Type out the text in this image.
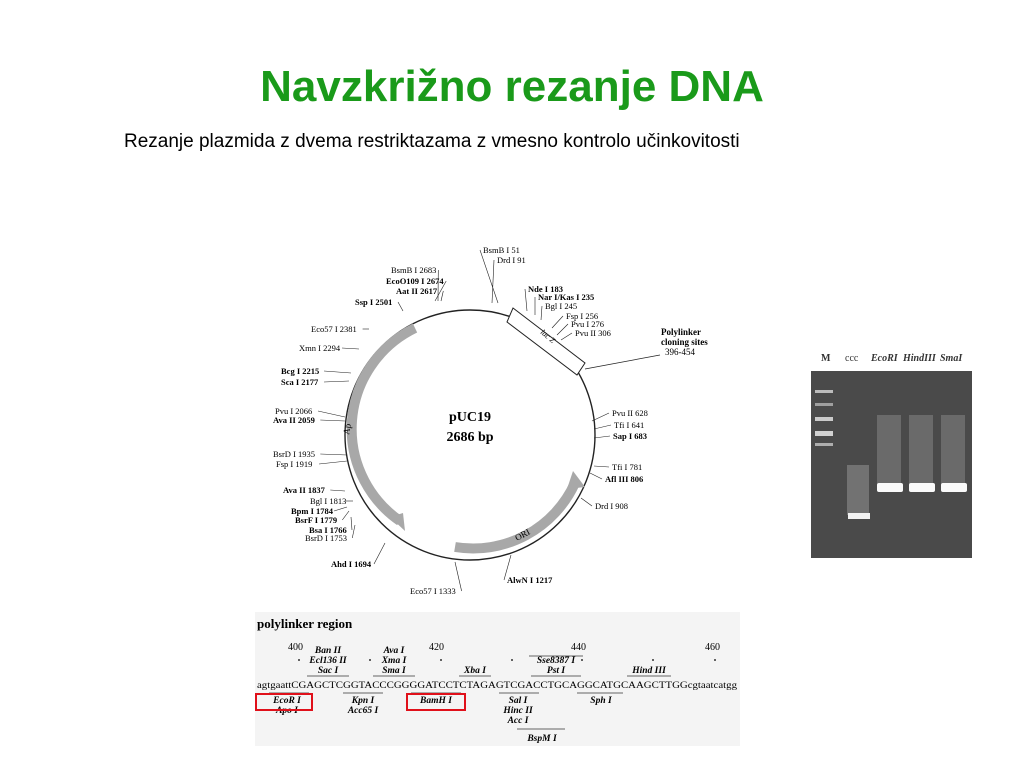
Navzkrižno rezanje DNA
Rezanje plazmida z dvema restriktazama z vmesno kontrolo učinkovitosti
pUC19
2686 bp
Ap
ORI
lac Z	Polylinker
cloning sites
396-454
BsmB I 51
Drd I 91
Nde I 183
Nar I/Kas I 235
Bgl I 245
Fsp I 256
Pvu I 276
Pvu II 306
Pvu II 628
Tfi I 641
Sap I 683
Tfi I 781
Afl III 806
Drd I 908
AlwN I 1217
Eco57 I 1333
Ahd I 1694
BsrD I 1753
Bsa I 1766
BsrF I 1779
Bpm I 1784
Bgl I 1813
Ava II 1837
Fsp I 1919
BsrD I 1935
Ava II 2059
Pvu I 2066
Sca I 2177
Bcg I 2215
Xmn I 2294
Eco57 I 2381
Ssp I 2501
Aat II 2617
EcoO109 I 2674
BsmB I 2683
polylinker region
400	420	440	460
Ban II
Ecl136 II
Sac I
Ava I
Xma I
Sma I	Xba I
Sse8387 I
Pst I	Hind III
agtgaattCGAGCTCGGTACCCGGGGATCCTCTAGAGTCGACCTGCAGGCATGCAAGCTTGGcgtaatcatgg
EcoR I
Apo I
Kpn I
Acc65 I
BamH I	Sal I
Hinc II
Acc I
Sph I
BspM I
M ccc EcoRI HindIII SmaI
